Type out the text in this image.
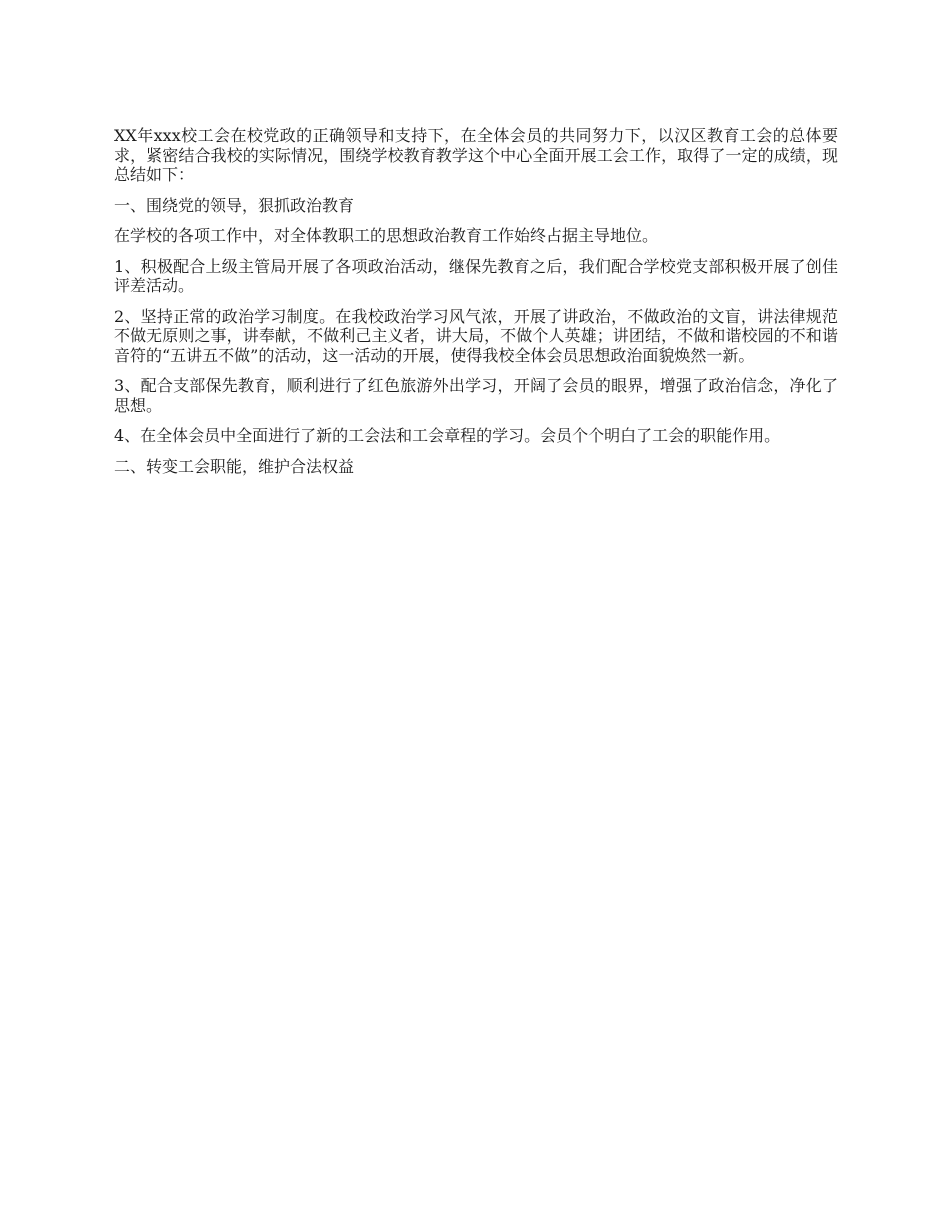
XX年xxx校工会在校党政的正确领导和支持下，在全体会员的共同努力下，以汉区教育工会的总体要求，紧密结合我校的实际情况，围绕学校教育教学这个中心全面开展工会工作，取得了一定的成绩，现总结如下：

一、围绕党的领导，狠抓政治教育

在学校的各项工作中，对全体教职工的思想政治教育工作始终占据主导地位。

1、积极配合上级主管局开展了各项政治活动，继保先教育之后，我们配合学校党支部积极开展了创佳评差活动。

2、坚持正常的政治学习制度。在我校政治学习风气浓，开展了讲政治，不做政治的文盲，讲法律规范不做无原则之事，讲奉献，不做利己主义者，讲大局，不做个人英雄；讲团结，不做和谐校园的不和谐音符的“五讲五不做”的活动，这一活动的开展，使得我校全体会员思想政治面貌焕然一新。

3、配合支部保先教育，顺利进行了红色旅游外出学习，开阔了会员的眼界，增强了政治信念，净化了思想。

4、在全体会员中全面进行了新的工会法和工会章程的学习。会员个个明白了工会的职能作用。

二、转变工会职能，维护合法权益
